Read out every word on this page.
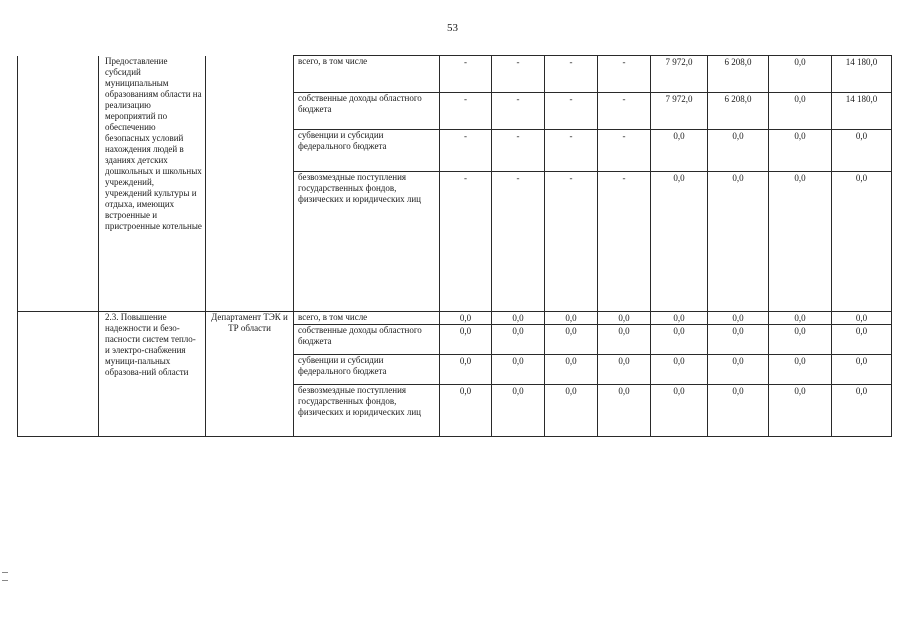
53
	Предоставление субсидий муниципальным образованиям области на реализацию мероприятий по обеспечению безопасных условий нахождения людей в зданиях детских дошкольных и школьных учреждений, учреждений культуры и отдыха, имеющих встроенные и пристроенные котельные		всего, в том числе	-	-	-	-	7 972,0	6 208,0	0,0	14 180,0
			собственные доходы областного бюджета	-	-	-	-	7 972,0	6 208,0	0,0	14 180,0
			субвенции и субсидии федерального бюджета	-	-	-	-	0,0	0,0	0,0	0,0
			безвозмездные поступления государственных фондов, физических и юридических лиц	-	-	-	-	0,0	0,0	0,0	0,0
	2.3. Повышение надежности и безо-пасности систем тепло- и электро-снабжения муници-пальных образова-ний области	Департамент ТЭК и ТР области	всего, в том числе	0,0	0,0	0,0	0,0	0,0	0,0	0,0	0,0
			собственные доходы областного бюджета	0,0	0,0	0,0	0,0	0,0	0,0	0,0	0,0
			субвенции и субсидии федерального бюджета	0,0	0,0	0,0	0,0	0,0	0,0	0,0	0,0
			безвозмездные поступления государственных фондов, физических и юридических лиц	0,0	0,0	0,0	0,0	0,0	0,0	0,0	0,0
